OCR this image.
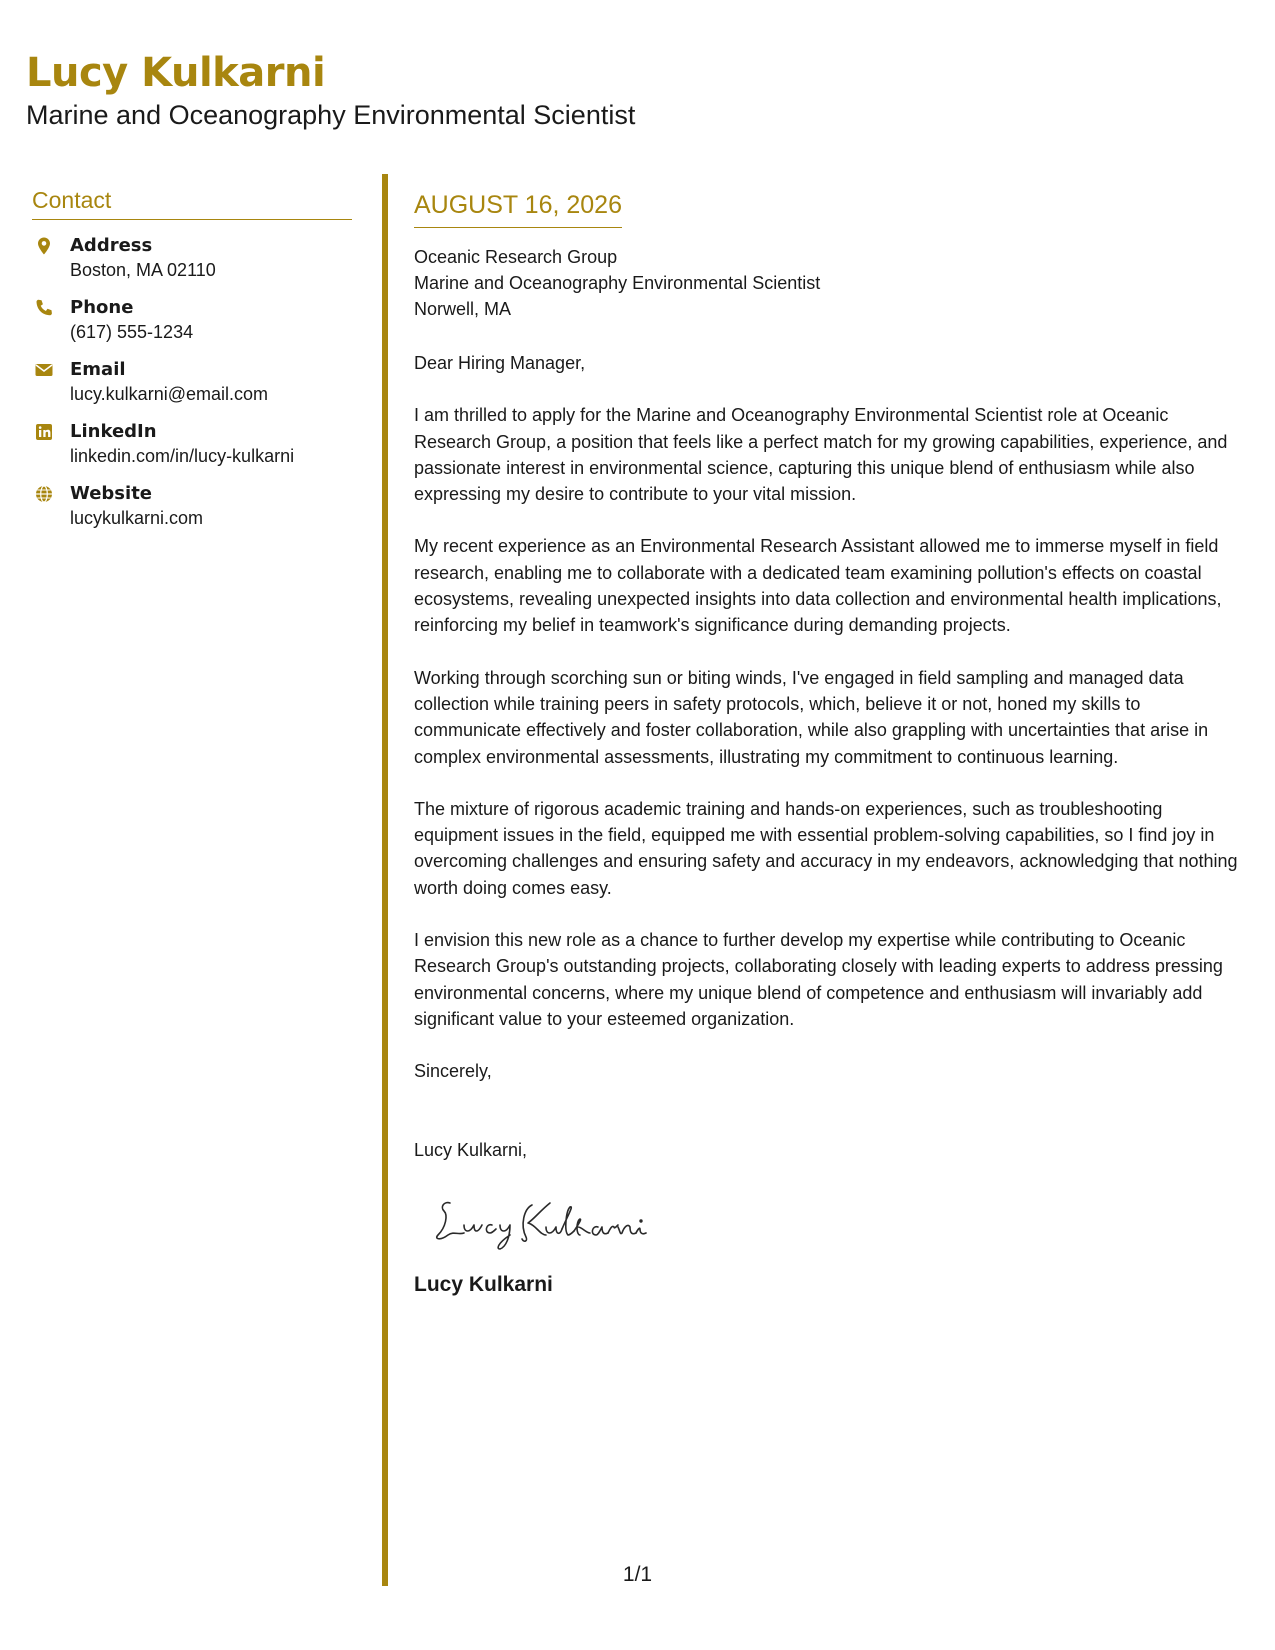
Lucy Kulkarni

Marine and Oceanography Environmental Scientist

Contact
Address
Boston, MA 02110
Phone
(617) 555-1234
Email
lucy.kulkarni@email.com
LinkedIn
linkedin.com/in/lucy-kulkarni
Website
lucykulkarni.com
AUGUST 16, 2026
Oceanic Research Group
Marine and Oceanography Environmental Scientist
Norwell, MA
Dear Hiring Manager,

I am thrilled to apply for the Marine and Oceanography Environmental Scientist role at Oceanic Research Group, a position that feels like a perfect match for my growing capabilities, experience, and passionate interest in environmental science, capturing this unique blend of enthusiasm while also expressing my desire to contribute to your vital mission.

My recent experience as an Environmental Research Assistant allowed me to immerse myself in field research, enabling me to collaborate with a dedicated team examining pollution's effects on coastal ecosystems, revealing unexpected insights into data collection and environmental health implications, reinforcing my belief in teamwork's significance during demanding projects.

Working through scorching sun or biting winds, I've engaged in field sampling and managed data collection while training peers in safety protocols, which, believe it or not, honed my skills to communicate effectively and foster collaboration, while also grappling with uncertainties that arise in complex environmental assessments, illustrating my commitment to continuous learning.

The mixture of rigorous academic training and hands-on experiences, such as troubleshooting equipment issues in the field, equipped me with essential problem-solving capabilities, so I find joy in overcoming challenges and ensuring safety and accuracy in my endeavors, acknowledging that nothing worth doing comes easy.

I envision this new role as a chance to further develop my expertise while contributing to Oceanic Research Group's outstanding projects, collaborating closely with leading experts to address pressing environmental concerns, where my unique blend of competence and enthusiasm will invariably add significant value to your esteemed organization.

Sincerely,
Lucy Kulkarni,
Lucy Kulkarni
1/1
